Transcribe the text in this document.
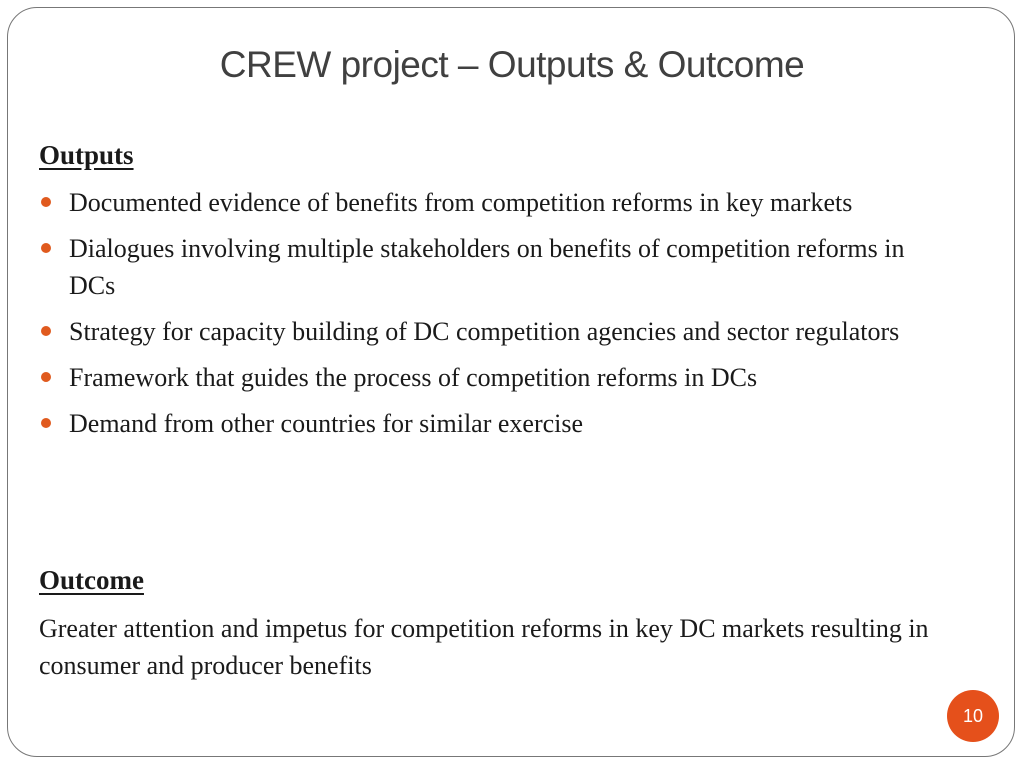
CREW project – Outputs & Outcome
Outputs
Documented evidence of benefits from competition reforms in key markets
Dialogues involving multiple stakeholders on benefits of competition reforms in DCs
Strategy for capacity building of DC competition agencies and sector regulators
Framework that guides the process of competition reforms in DCs
Demand from other countries for similar exercise
Outcome
Greater attention and impetus for competition reforms in key DC markets resulting in consumer and producer benefits
10
